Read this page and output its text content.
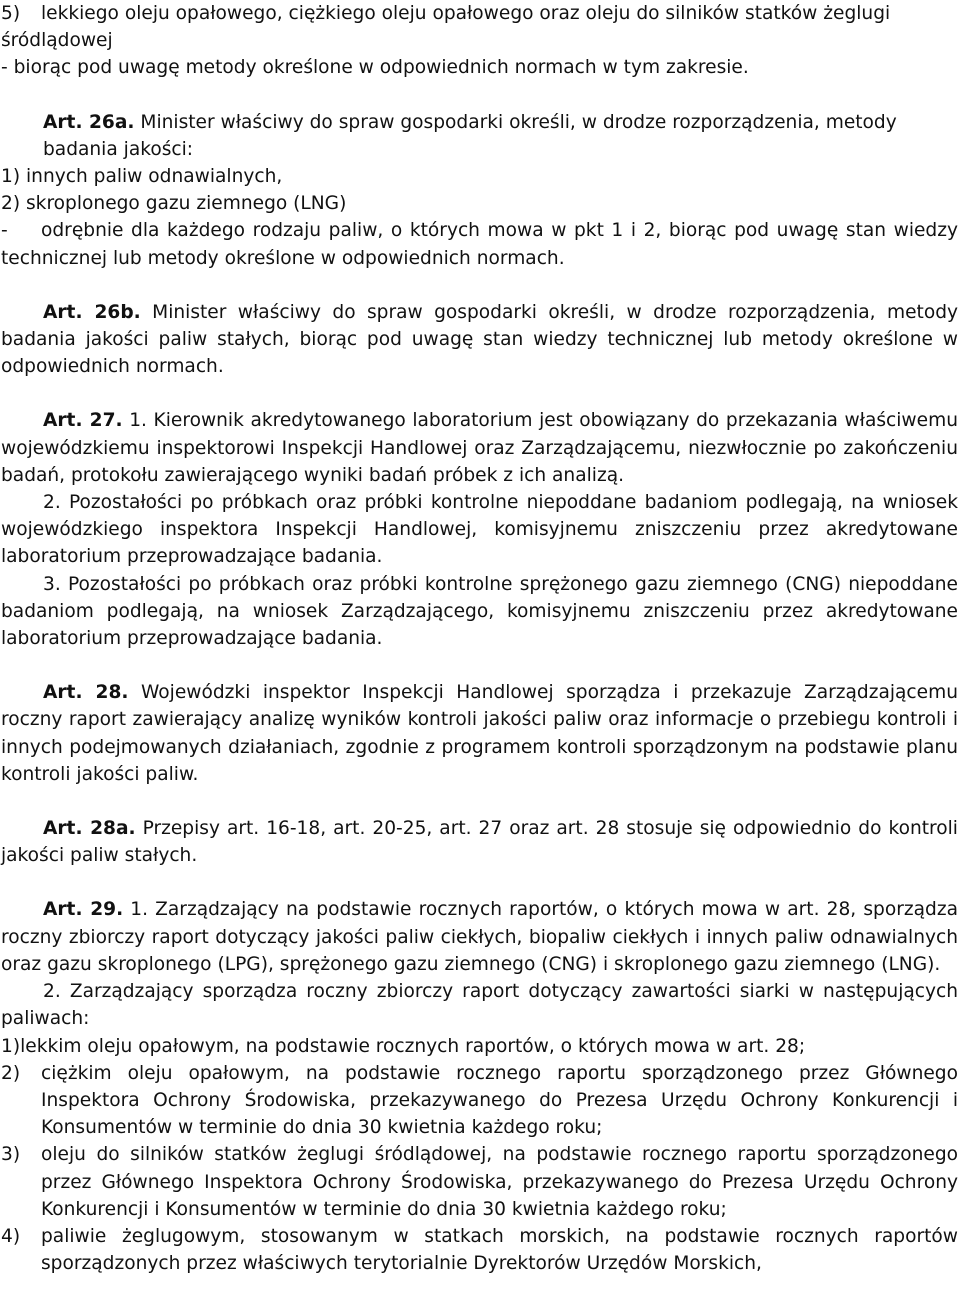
5)	lekkiego oleju opałowego, ciężkiego oleju opałowego oraz oleju do silników statków żeglugi

śródlądowej

- biorąc pod uwagę metody określone w odpowiednich normach w tym zakresie.

Art. 26a. Minister właściwy do spraw gospodarki określi, w drodze rozporządzenia, metody badania jakości:

1) innych paliw odnawialnych,

2) skroplonego gazu ziemnego (LNG)

-	odrębnie dla każdego rodzaju paliw, o których mowa w pkt 1 i 2, biorąc pod uwagę stan wiedzy technicznej lub metody określone w odpowiednich normach.

Art. 26b. Minister właściwy do spraw gospodarki określi, w drodze rozporządzenia, metody badania jakości paliw stałych, biorąc pod uwagę stan wiedzy technicznej lub metody określone w odpowiednich normach.

Art. 27. 1. Kierownik akredytowanego laboratorium jest obowiązany do przekazania właściwemu wojewódzkiemu inspektorowi Inspekcji Handlowej oraz Zarządzającemu, niezwłocznie po zakończeniu badań, protokołu zawierającego wyniki badań próbek z ich analizą.

2. Pozostałości po próbkach oraz próbki kontrolne niepoddane badaniom podlegają, na wniosek wojewódzkiego inspektora Inspekcji Handlowej, komisyjnemu zniszczeniu przez akredytowane laboratorium przeprowadzające badania.

3. Pozostałości po próbkach oraz próbki kontrolne sprężonego gazu ziemnego (CNG) niepoddane badaniom podlegają, na wniosek Zarządzającego, komisyjnemu zniszczeniu przez akredytowane laboratorium przeprowadzające badania.

Art. 28. Wojewódzki inspektor Inspekcji Handlowej sporządza i przekazuje Zarządzającemu roczny raport zawierający analizę wyników kontroli jakości paliw oraz informacje o przebiegu kontroli i innych podejmowanych działaniach, zgodnie z programem kontroli sporządzonym na podstawie planu kontroli jakości paliw.

Art. 28a. Przepisy art. 16-18, art. 20-25, art. 27 oraz art. 28 stosuje się odpowiednio do kontroli jakości paliw stałych.

Art. 29. 1. Zarządzający na podstawie rocznych raportów, o których mowa w art. 28, sporządza roczny zbiorczy raport dotyczący jakości paliw ciekłych, biopaliw ciekłych i innych paliw odnawialnych oraz gazu skroplonego (LPG), sprężonego gazu ziemnego (CNG) i skroplonego gazu ziemnego (LNG).

2. Zarządzający sporządza roczny zbiorczy raport dotyczący zawartości siarki w następujących paliwach:

1)lekkim oleju opałowym, na podstawie rocznych raportów, o których mowa w art. 28;

2)	ciężkim oleju opałowym, na podstawie rocznego raportu sporządzonego przez Głównego Inspektora Ochrony Środowiska, przekazywanego do Prezesa Urzędu Ochrony Konkurencji i Konsumentów w terminie do dnia 30 kwietnia każdego roku;
3)	oleju do silników statków żeglugi śródlądowej, na podstawie rocznego raportu sporządzonego przez Głównego Inspektora Ochrony Środowiska, przekazywanego do Prezesa Urzędu Ochrony Konkurencji i Konsumentów w terminie do dnia 30 kwietnia każdego roku;
4)	paliwie żeglugowym, stosowanym w statkach morskich, na podstawie rocznych raportów sporządzonych przez właściwych terytorialnie Dyrektorów Urzędów Morskich,
